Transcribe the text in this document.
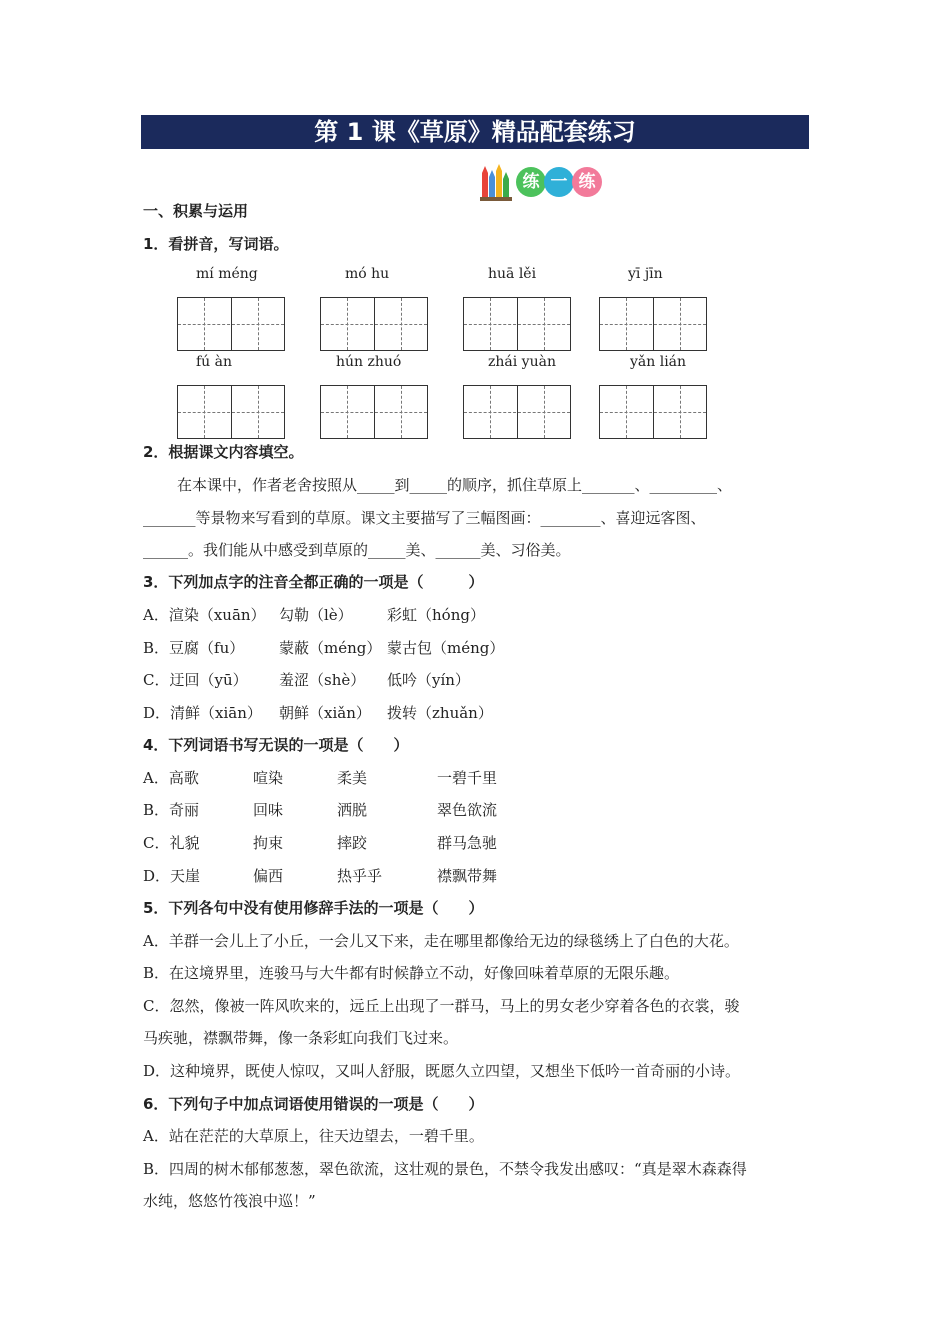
第 1 课《草原》精品配套练习
练 一 练
一、积累与运用
1．看拼音，写词语。
mí méng	mó hu	huā lěi	yī jīn
fú àn	hún zhuó	zhái yuàn	yǎn lián
2．根据课文内容填空。
在本课中，作者老舍按照从_____到_____的顺序，抓住草原上_______、_________、
_______等景物来写看到的草原。课文主要描写了三幅图画：________、喜迎远客图、
______。我们能从中感受到草原的_____美、______美、习俗美。
3．下列加点字的注音全都正确的一项是（　　　）
A．渲染（xuān） 勾勒（lè） 彩虹（hóng）
B．豆腐（fu） 蒙蔽（méng） 蒙古包（méng）
C．迂回（yū） 羞涩（shè） 低吟（yín）
D．清鲜（xiān） 朝鲜（xiǎn） 拨转（zhuǎn）
4．下列词语书写无误的一项是（　　）
A．高歌	喧染	柔美	一碧千里
B．奇丽	回味	洒脱	翠色欲流
C．礼貌	拘束	摔跤	群马急驰
D．天崖	偏西	热乎乎	襟飘带舞
5．下列各句中没有使用修辞手法的一项是（　　）
A．羊群一会儿上了小丘，一会儿又下来，走在哪里都像给无边的绿毯绣上了白色的大花。
B．在这境界里，连骏马与大牛都有时候静立不动，好像回味着草原的无限乐趣。
C．忽然，像被一阵风吹来的，远丘上出现了一群马，马上的男女老少穿着各色的衣裳，骏
马疾驰，襟飘带舞，像一条彩虹向我们飞过来。
D．这种境界，既使人惊叹，又叫人舒服，既愿久立四望，又想坐下低吟一首奇丽的小诗。
6．下列句子中加点词语使用错误的一项是（　　）
A．站在茫茫的大草原上，往天边望去，一碧千里。
B．四周的树木郁郁葱葱，翠色欲流，这壮观的景色，不禁令我发出感叹：“真是翠木森森得
水纯，悠悠竹筏浪中巡！”
